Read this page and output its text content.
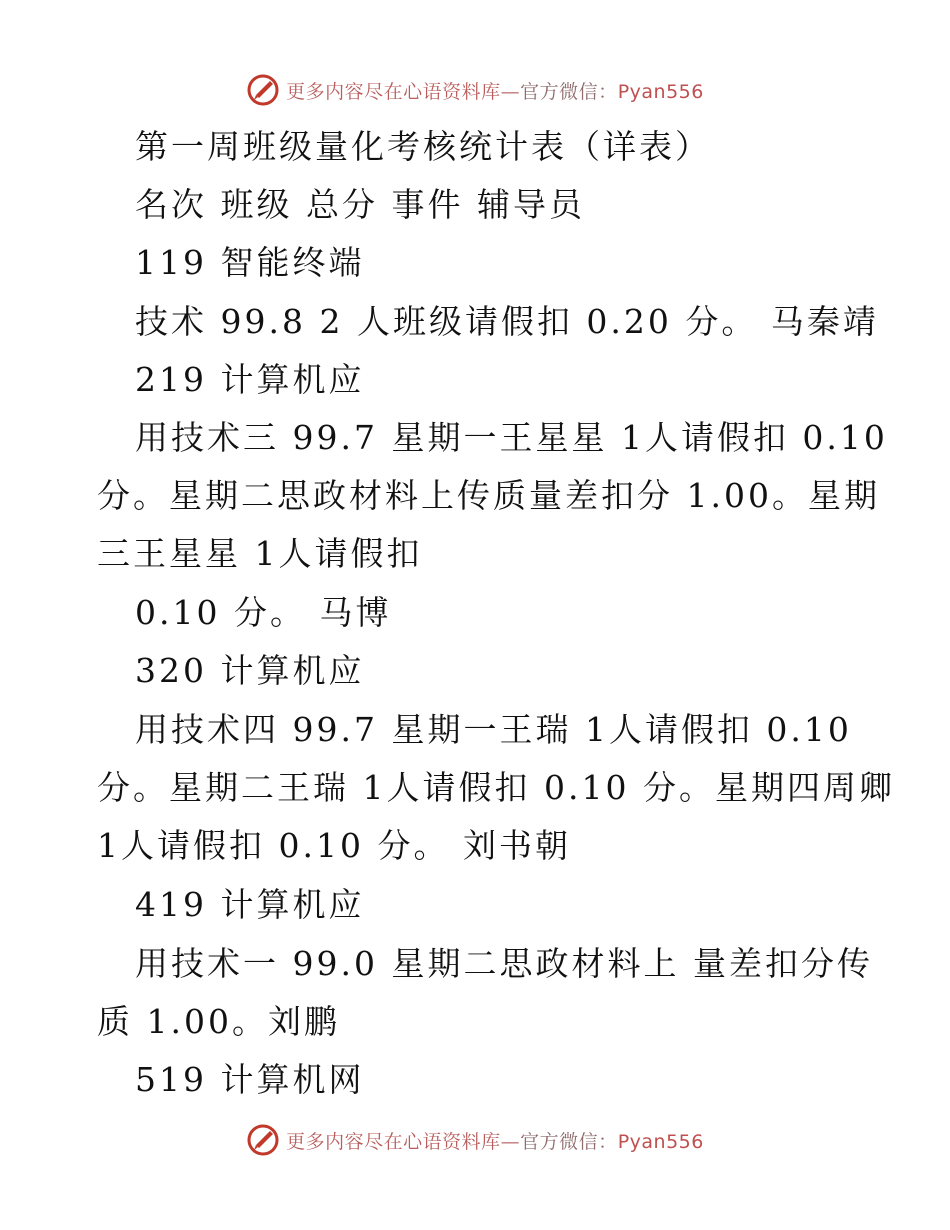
更多内容尽在心语资料库—官方微信：Pyan556
第一周班级量化考核统计表（详表）
名次 班级 总分 事件 辅导员
119 智能终端
技术 99.8 2 人班级请假扣 0.20 分。 马秦靖
219 计算机应
用技术三 99.7 星期一王星星 1人请假扣 0.10
分。星期二思政材料上传质量差扣分 1.00。星期
三王星星 1人请假扣
0.10 分。 马博
320 计算机应
用技术四 99.7 星期一王瑞 1人请假扣 0.10
分。星期二王瑞 1人请假扣 0.10 分。星期四周卿
1人请假扣 0.10 分。 刘书朝
419 计算机应
用技术一 99.0 星期二思政材料上 量差扣分传
质 1.00。刘鹏
519 计算机网
更多内容尽在心语资料库—官方微信：Pyan556
